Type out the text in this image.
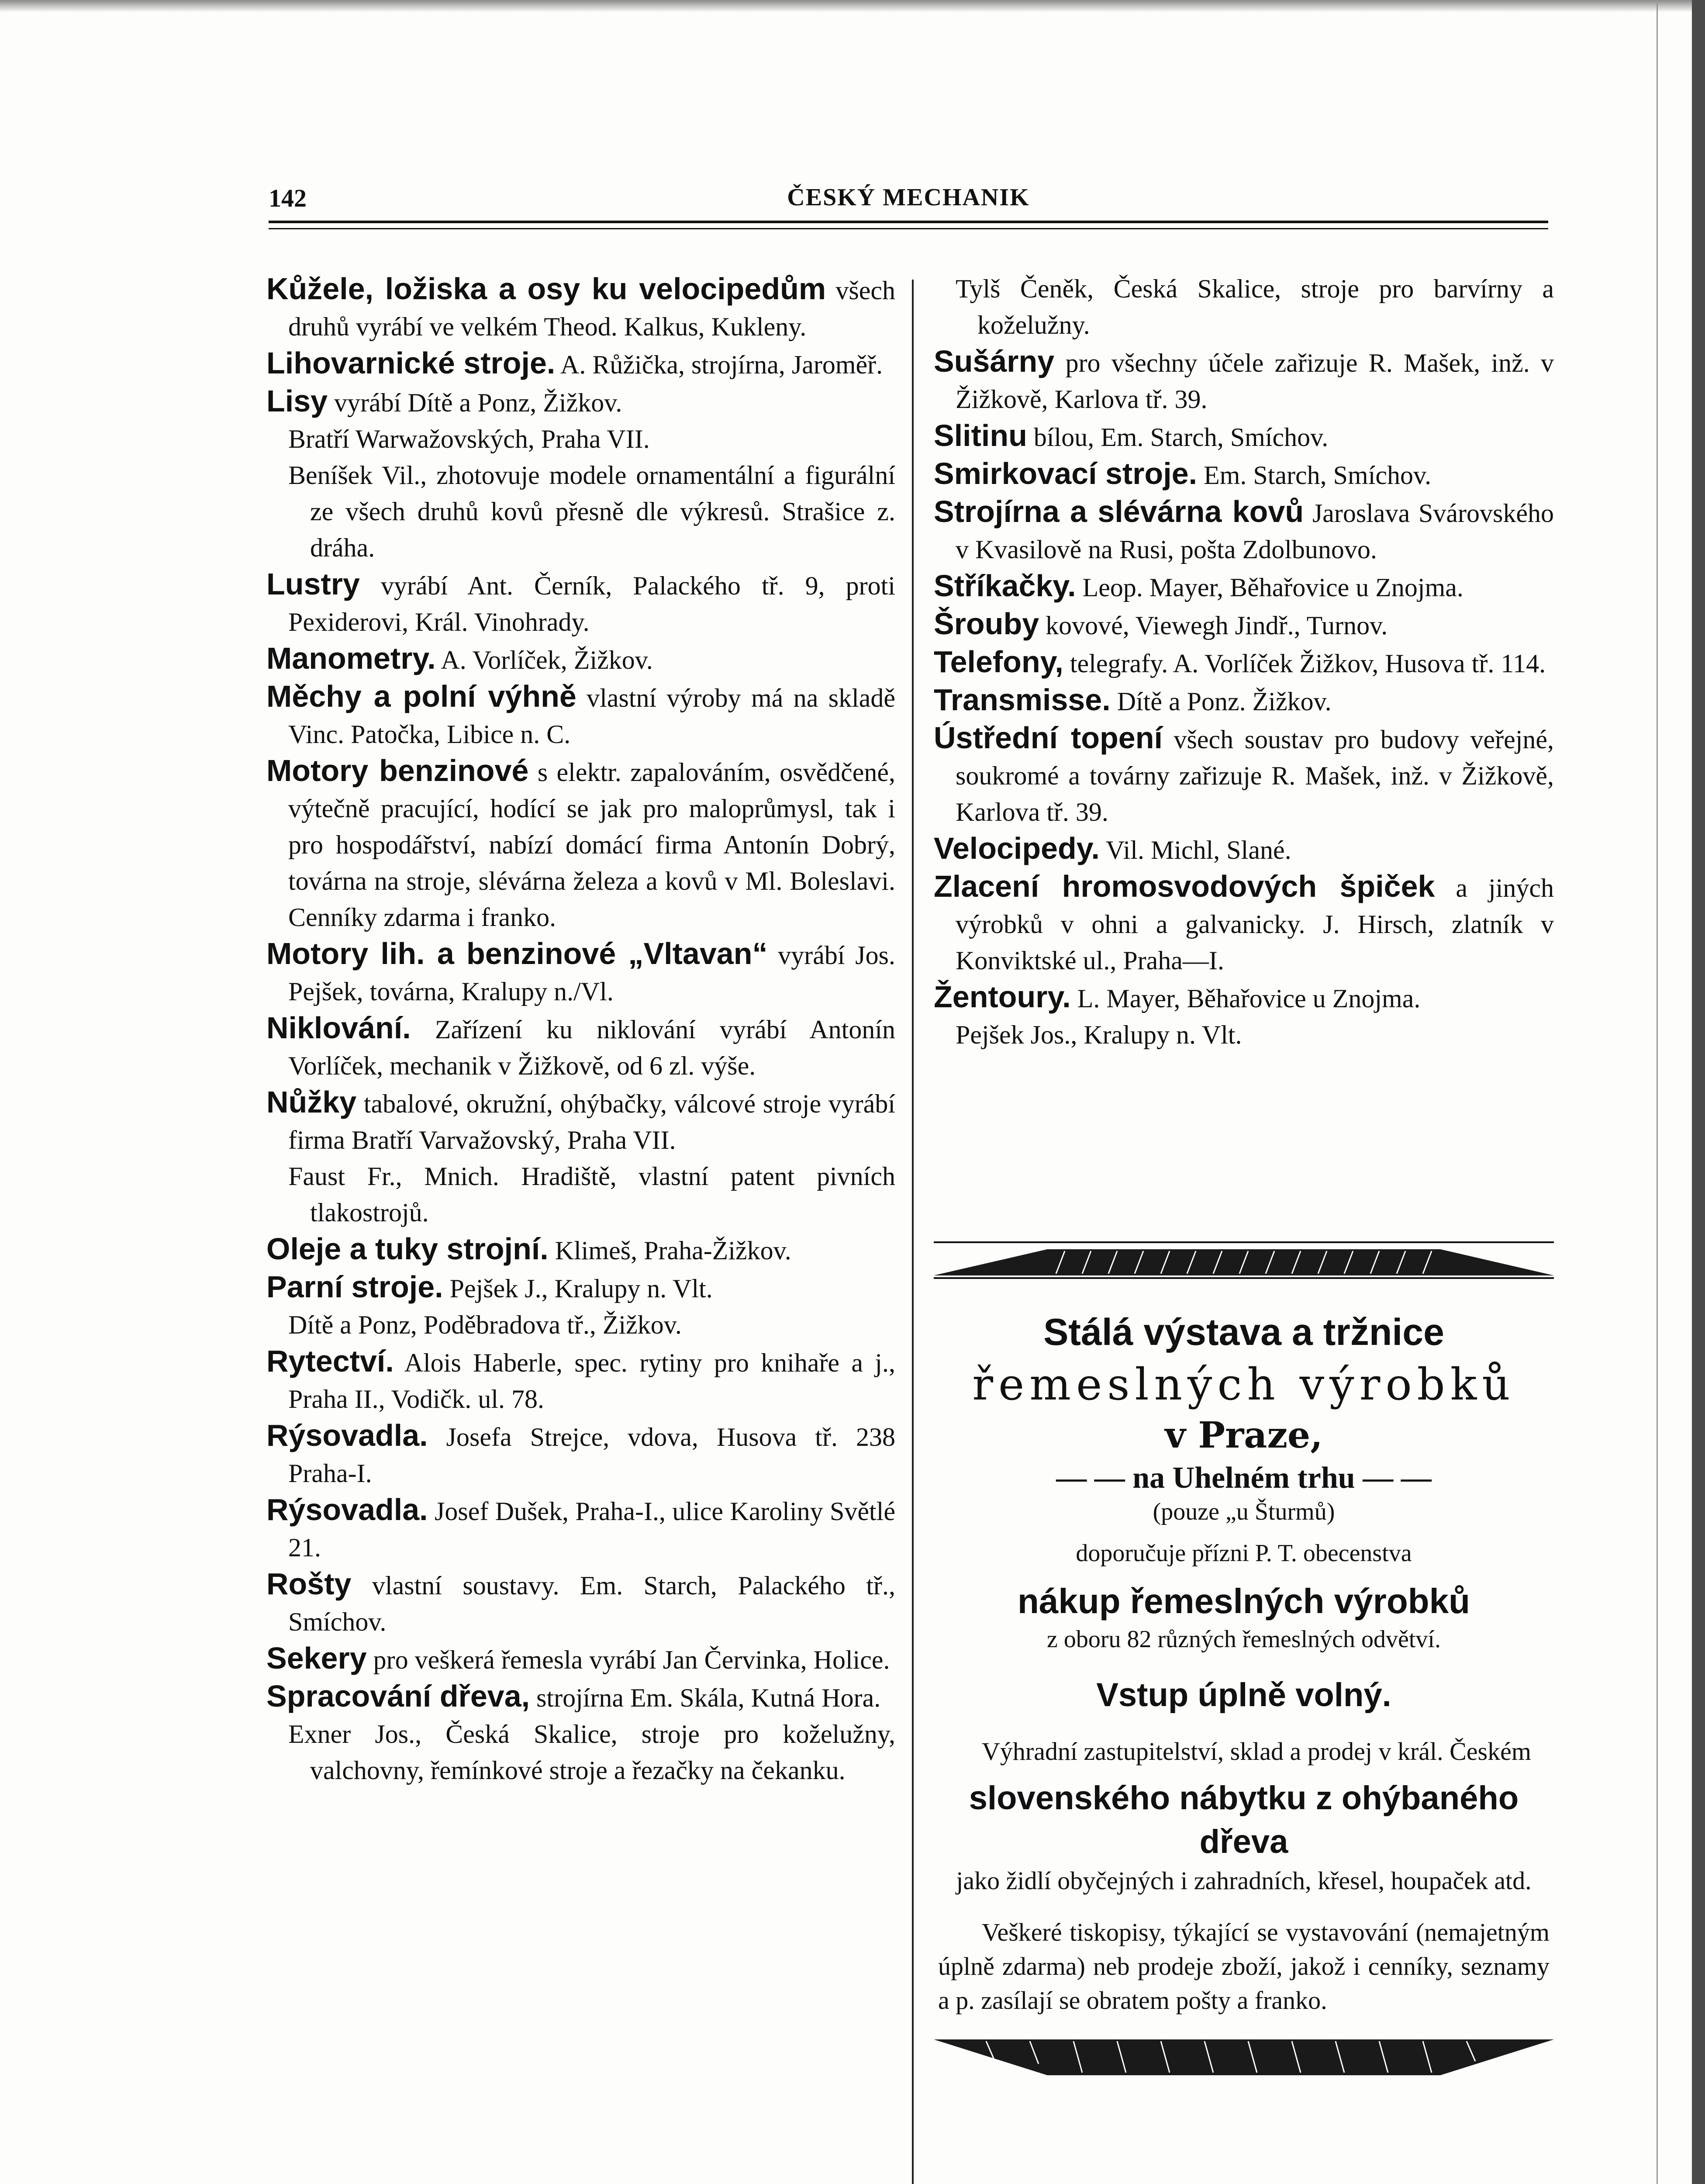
142	ČESKÝ MECHANIK
Kůžele, ložiska a osy ku velocipedům všech druhů vyrábí ve velkém Theod. Kalkus, Kukleny.
Lihovarnické stroje. A. Růžička, strojírna, Jaroměř.
Lisy vyrábí Dítě a Ponz, Žižkov.
Bratří Warwažovských, Praha VII.
Beníšek Vil., zhotovuje modele ornamentální a figurální ze všech druhů kovů přesně dle výkresů. Strašice z. dráha.
Lustry vyrábí Ant. Černík, Palackého tř. 9, proti Pexiderovi, Král. Vinohrady.
Manometry. A. Vorlíček, Žižkov.
Měchy a polní výhně vlastní výroby má na skladě Vinc. Patočka, Libice n. C.
Motory benzinové s elektr. zapalováním, osvědčené, výtečně pracující, hodící se jak pro maloprůmysl, tak i pro hospodářství, nabízí domácí firma Antonín Dobrý, továrna na stroje, slévárna železa a kovů v Ml. Boleslavi. Cenníky zdarma i franko.
Motory lih. a benzinové „Vltavan“ vyrábí Jos. Pejšek, továrna, Kralupy n./Vl.
Niklování. Zařízení ku niklování vyrábí Antonín Vorlíček, mechanik v Žižkově, od 6 zl. výše.
Nůžky tabalové, okružní, ohýbačky, válcové stroje vyrábí firma Bratří Varvažovský, Praha VII.
Faust Fr., Mnich. Hradiště, vlastní patent pivních tlakostrojů.
Oleje a tuky strojní. Klimeš, Praha-Žižkov.
Parní stroje. Pejšek J., Kralupy n. Vlt.
Dítě a Ponz, Poděbradova tř., Žižkov.
Rytectví. Alois Haberle, spec. rytiny pro knihaře a j., Praha II., Vodičk. ul. 78.
Rýsovadla. Josefa Strejce, vdova, Husova tř. 238 Praha-I.
Rýsovadla. Josef Dušek, Praha-I., ulice Karoliny Světlé 21.
Rošty vlastní soustavy. Em. Starch, Palackého tř., Smíchov.
Sekery pro veškerá řemesla vyrábí Jan Červinka, Holice.
Spracování dřeva, strojírna Em. Skála, Kutná Hora.
Exner Jos., Česká Skalice, stroje pro koželužny, valchovny, řemínkové stroje a řezačky na čekanku.
Tylš Čeněk, Česká Skalice, stroje pro barvírny a koželužny.
Sušárny pro všechny účele zařizuje R. Mašek, inž. v Žižkově, Karlova tř. 39.
Slitinu bílou, Em. Starch, Smíchov.
Smirkovací stroje. Em. Starch, Smíchov.
Strojírna a slévárna kovů Jaroslava Svárovského v Kvasilově na Rusi, pošta Zdolbunovo.
Stříkačky. Leop. Mayer, Běhařovice u Znojma.
Šrouby kovové, Viewegh Jindř., Turnov.
Telefony, telegrafy. A. Vorlíček Žižkov, Husova tř. 114.
Transmisse. Dítě a Ponz. Žižkov.
Ústřední topení všech soustav pro budovy veřejné, soukromé a továrny zařizuje R. Mašek, inž. v Žižkově, Karlova tř. 39.
Velocipedy. Vil. Michl, Slané.
Zlacení hromosvodových špiček a jiných výrobků v ohni a galvanicky. J. Hirsch, zlatník v Konviktské ul., Praha—I.
Žentoury. L. Mayer, Běhařovice u Znojma.
Pejšek Jos., Kralupy n. Vlt.
Stálá výstava a tržnice
řemeslných výrobků
v Praze,
— — na Uhelném trhu — —
(pouze „u Šturmů)
doporučuje přízni P. T. obecenstva
nákup řemeslných výrobků
z oboru 82 různých řemeslných odvětví.
Vstup úplně volný.
Výhradní zastupitelství, sklad a prodej v král. Českém
slovenského nábytku z ohýbaného dřeva
jako židlí obyčejných i zahradních, křesel, houpaček atd.
Veškeré tiskopisy, týkající se vystavování (nemajetným úplně zdarma) neb prodeje zboží, jakož i cenníky, seznamy a p. zasílají se obratem pošty a franko.
